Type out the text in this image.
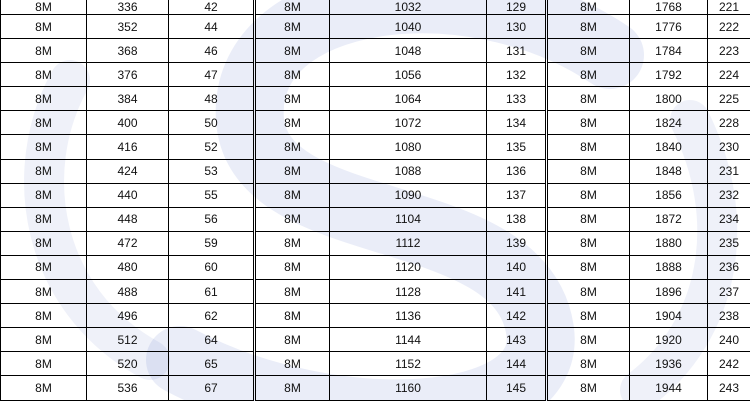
8M	336	42	8M	1032	129	8M	1768	221
8M	352	44	8M	1040	130	8M	1776	222
8M	368	46	8M	1048	131	8M	1784	223
8M	376	47	8M	1056	132	8M	1792	224
8M	384	48	8M	1064	133	8M	1800	225
8M	400	50	8M	1072	134	8M	1824	228
8M	416	52	8M	1080	135	8M	1840	230
8M	424	53	8M	1088	136	8M	1848	231
8M	440	55	8M	1090	137	8M	1856	232
8M	448	56	8M	1104	138	8M	1872	234
8M	472	59	8M	1112	139	8M	1880	235
8M	480	60	8M	1120	140	8M	1888	236
8M	488	61	8M	1128	141	8M	1896	237
8M	496	62	8M	1136	142	8M	1904	238
8M	512	64	8M	1144	143	8M	1920	240
8M	520	65	8M	1152	144	8M	1936	242
8M	536	67	8M	1160	145	8M	1944	243
